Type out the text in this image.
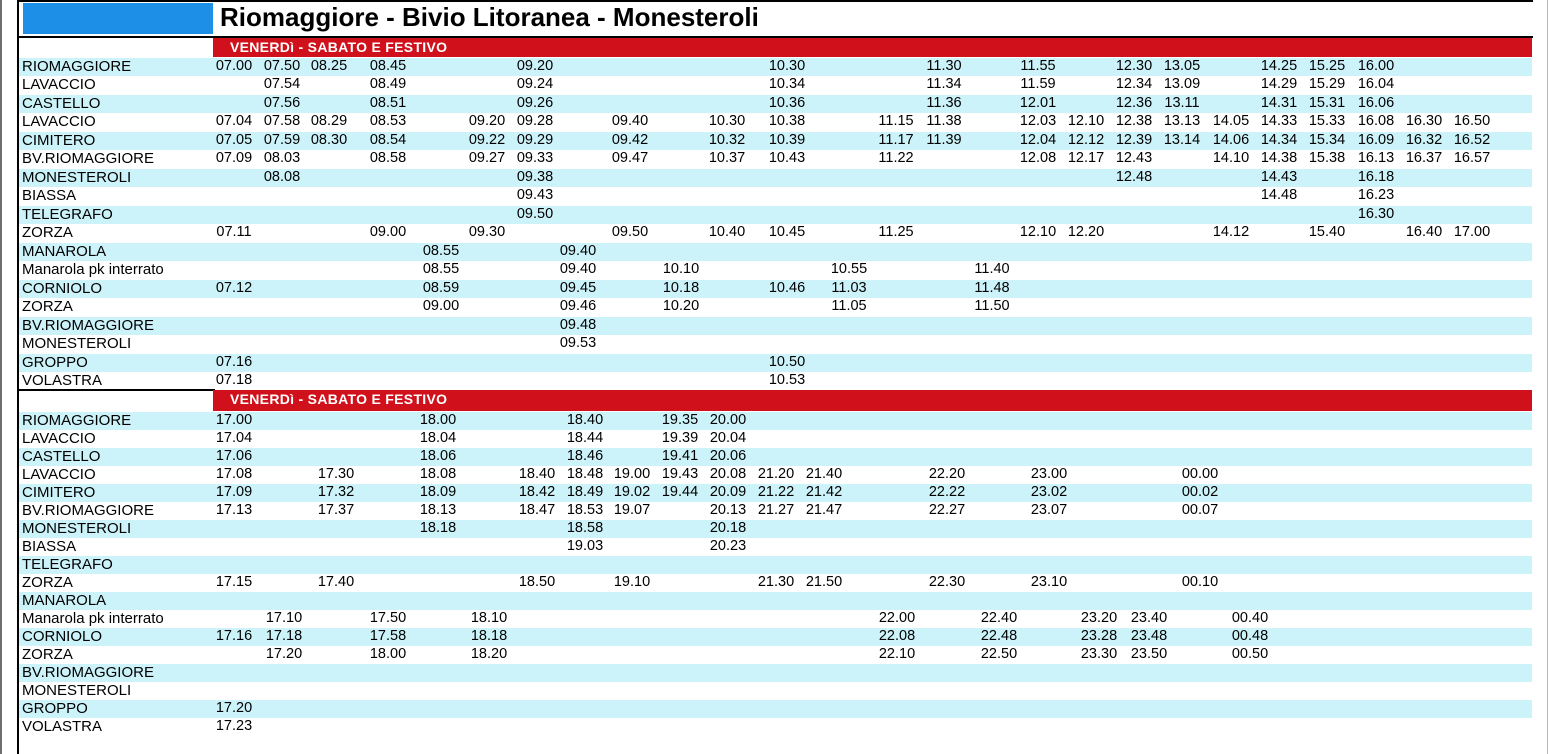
Riomaggiore - Bivio Litoranea - Monesteroli
VENERDì - SABATO E FESTIVO
RIOMAGGIORE	07.00 07.50 08.25	08.45	09.20	10.30	11.30	11.55	12.30 13.05	14.25 15.25 16.00
LAVACCIO	07.54	08.49	09.24	10.34	11.34	11.59	12.34 13.09	14.29 15.29 16.04
CASTELLO	07.56	08.51	09.26	10.36	11.36	12.01	12.36 13.11	14.31 15.31 16.06
LAVACCIO	07.04 07.58 08.29	08.53	09.20 09.28	09.40	10.30	10.38	11.15 11.38	12.03 12.10 12.38 13.13 14.05 14.33 15.33 16.08 16.30 16.50
CIMITERO	07.05 07.59 08.30	08.54	09.22 09.29	09.42	10.32	10.39	11.17 11.39	12.04 12.12 12.39 13.14 14.06 14.34 15.34 16.09 16.32 16.52
BV.RIOMAGGIORE	07.09 08.03	08.58	09.27 09.33	09.47	10.37	10.43	11.22	12.08 12.17 12.43	14.10 14.38 15.38 16.13 16.37 16.57
MONESTEROLI	08.08	09.38	12.48	14.43	16.18
BIASSA	09.43	14.48	16.23
TELEGRAFO	09.50	16.30
ZORZA	07.11	09.00	09.30	09.50	10.40	10.45	11.25	12.10 12.20	14.12	15.40	16.40 17.00
MANAROLA	08.55	09.40
Manarola pk interrato	08.55	09.40	10.10	10.55	11.40
CORNIOLO	07.12	08.59	09.45	10.18	10.46	11.03	11.48
ZORZA	09.00	09.46	10.20	11.05	11.50
BV.RIOMAGGIORE	09.48
MONESTEROLI	09.53
GROPPO	07.16	10.50
VOLASTRA	07.18	10.53
VENERDì - SABATO E FESTIVO
RIOMAGGIORE	17.00	18.00	18.40	19.35 20.00
LAVACCIO	17.04	18.04	18.44	19.39 20.04
CASTELLO	17.06	18.06	18.46	19.41 20.06
LAVACCIO	17.08	17.30	18.08	18.40 18.48 19.00 19.43 20.08 21.20 21.40	22.20	23.00	00.00
CIMITERO	17.09	17.32	18.09	18.42 18.49 19.02 19.44 20.09 21.22 21.42	22.22	23.02	00.02
BV.RIOMAGGIORE	17.13	17.37	18.13	18.47 18.53 19.07	20.13 21.27 21.47	22.27	23.07	00.07
MONESTEROLI	18.18	18.58	20.18
BIASSA	19.03	20.23
TELEGRAFO
ZORZA	17.15	17.40	18.50	19.10	21.30 21.50	22.30	23.10	00.10
MANAROLA
Manarola pk interrato	17.10	17.50	18.10	22.00	22.40	23.20 23.40	00.40
CORNIOLO	17.16 17.18	17.58	18.18	22.08	22.48	23.28 23.48	00.48
ZORZA	17.20	18.00	18.20	22.10	22.50	23.30 23.50	00.50
BV.RIOMAGGIORE
MONESTEROLI
GROPPO	17.20
VOLASTRA	17.23
